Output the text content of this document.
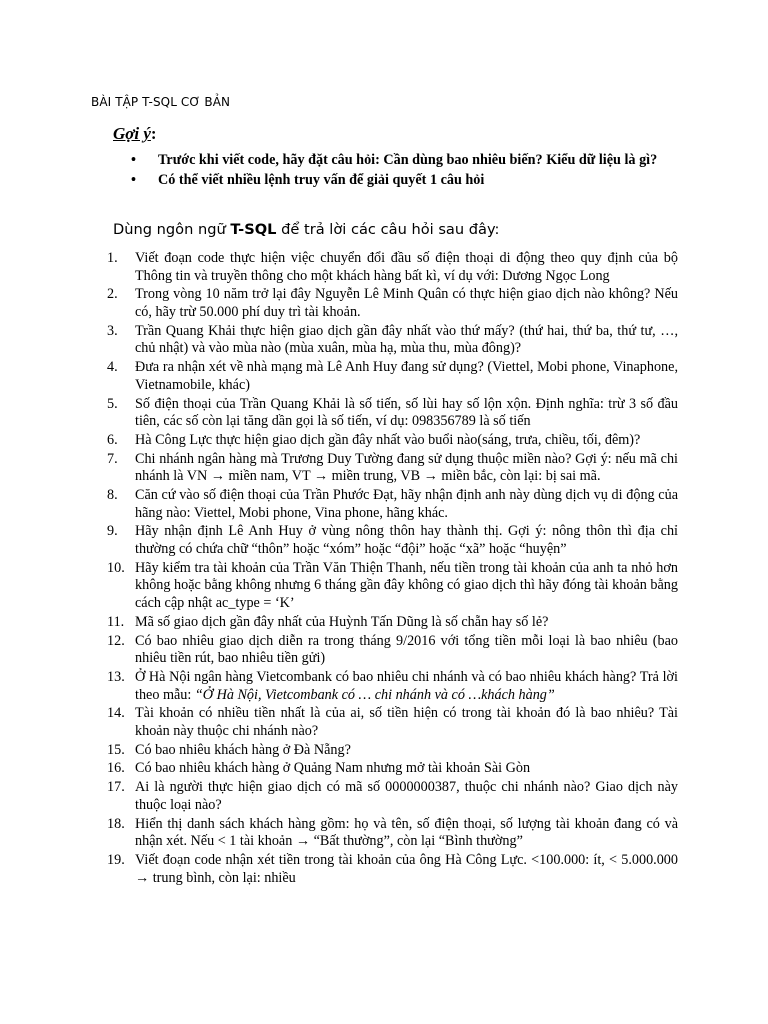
BÀI TẬP T-SQL CƠ BẢN
Gợi ý:
• Trước khi viết code, hãy đặt câu hỏi: Cần dùng bao nhiêu biến? Kiểu dữ liệu là gì?
• Có thể viết nhiều lệnh truy vấn để giải quyết 1 câu hỏi
Dùng ngôn ngữ T-SQL để trả lời các câu hỏi sau đây:
1. Viết đoạn code thực hiện việc chuyển đổi đầu số điện thoại di động theo quy định của bộ Thông tin và truyền thông cho một khách hàng bất kì, ví dụ với: Dương Ngọc Long
2. Trong vòng 10 năm trở lại đây Nguyễn Lê Minh Quân có thực hiện giao dịch nào không? Nếu có, hãy trừ 50.000 phí duy trì tài khoản.
3. Trần Quang Khải thực hiện giao dịch gần đây nhất vào thứ mấy? (thứ hai, thứ ba, thứ tư, …, chủ nhật) và vào mùa nào (mùa xuân, mùa hạ, mùa thu, mùa đông)?
4. Đưa ra nhận xét về nhà mạng mà Lê Anh Huy đang sử dụng? (Viettel, Mobi phone, Vinaphone, Vietnamobile, khác)
5. Số điện thoại của Trần Quang Khải là số tiến, số lùi hay số lộn xộn. Định nghĩa: trừ 3 số đầu tiên, các số còn lại tăng dần gọi là số tiến, ví dụ: 098356789 là số tiến
6. Hà Công Lực thực hiện giao dịch gần đây nhất vào buổi nào(sáng, trưa, chiều, tối, đêm)?
7. Chi nhánh ngân hàng mà Trương Duy Tường đang sử dụng thuộc miền nào? Gợi ý: nếu mã chi nhánh là VN → miền nam, VT → miền trung, VB → miền bắc, còn lại: bị sai mã.
8. Căn cứ vào số điện thoại của Trần Phước Đạt, hãy nhận định anh này dùng dịch vụ di động của hãng nào: Viettel, Mobi phone, Vina phone, hãng khác.
9. Hãy nhận định Lê Anh Huy ở vùng nông thôn hay thành thị. Gợi ý: nông thôn thì địa chỉ thường có chứa chữ “thôn” hoặc “xóm” hoặc “đội” hoặc “xã” hoặc “huyện”
10. Hãy kiểm tra tài khoản của Trần Văn Thiện Thanh, nếu tiền trong tài khoản của anh ta nhỏ hơn không hoặc bằng không nhưng 6 tháng gần đây không có giao dịch thì hãy đóng tài khoản bằng cách cập nhật ac_type = ‘K’
11. Mã số giao dịch gần đây nhất của Huỳnh Tấn Dũng là số chẵn hay số lẻ?
12. Có bao nhiêu giao dịch diễn ra trong tháng 9/2016 với tổng tiền mỗi loại là bao nhiêu (bao nhiêu tiền rút, bao nhiêu tiền gửi)
13. Ở Hà Nội ngân hàng Vietcombank có bao nhiêu chi nhánh và có bao nhiêu khách hàng? Trả lời theo mẫu: “Ở Hà Nội, Vietcombank có … chi nhánh và có …khách hàng”
14. Tài khoản có nhiều tiền nhất là của ai, số tiền hiện có trong tài khoản đó là bao nhiêu? Tài khoản này thuộc chi nhánh nào?
15. Có bao nhiêu khách hàng ở Đà Nẵng?
16. Có bao nhiêu khách hàng ở Quảng Nam nhưng mở tài khoản Sài Gòn
17. Ai là người thực hiện giao dịch có mã số 0000000387, thuộc chi nhánh nào? Giao dịch này thuộc loại nào?
18. Hiển thị danh sách khách hàng gồm: họ và tên, số điện thoại, số lượng tài khoản đang có và nhận xét. Nếu < 1 tài khoản → “Bất thường”, còn lại “Bình thường”
19. Viết đoạn code nhận xét tiền trong tài khoản của ông Hà Công Lực. <100.000: ít, < 5.000.000 → trung bình, còn lại: nhiều
